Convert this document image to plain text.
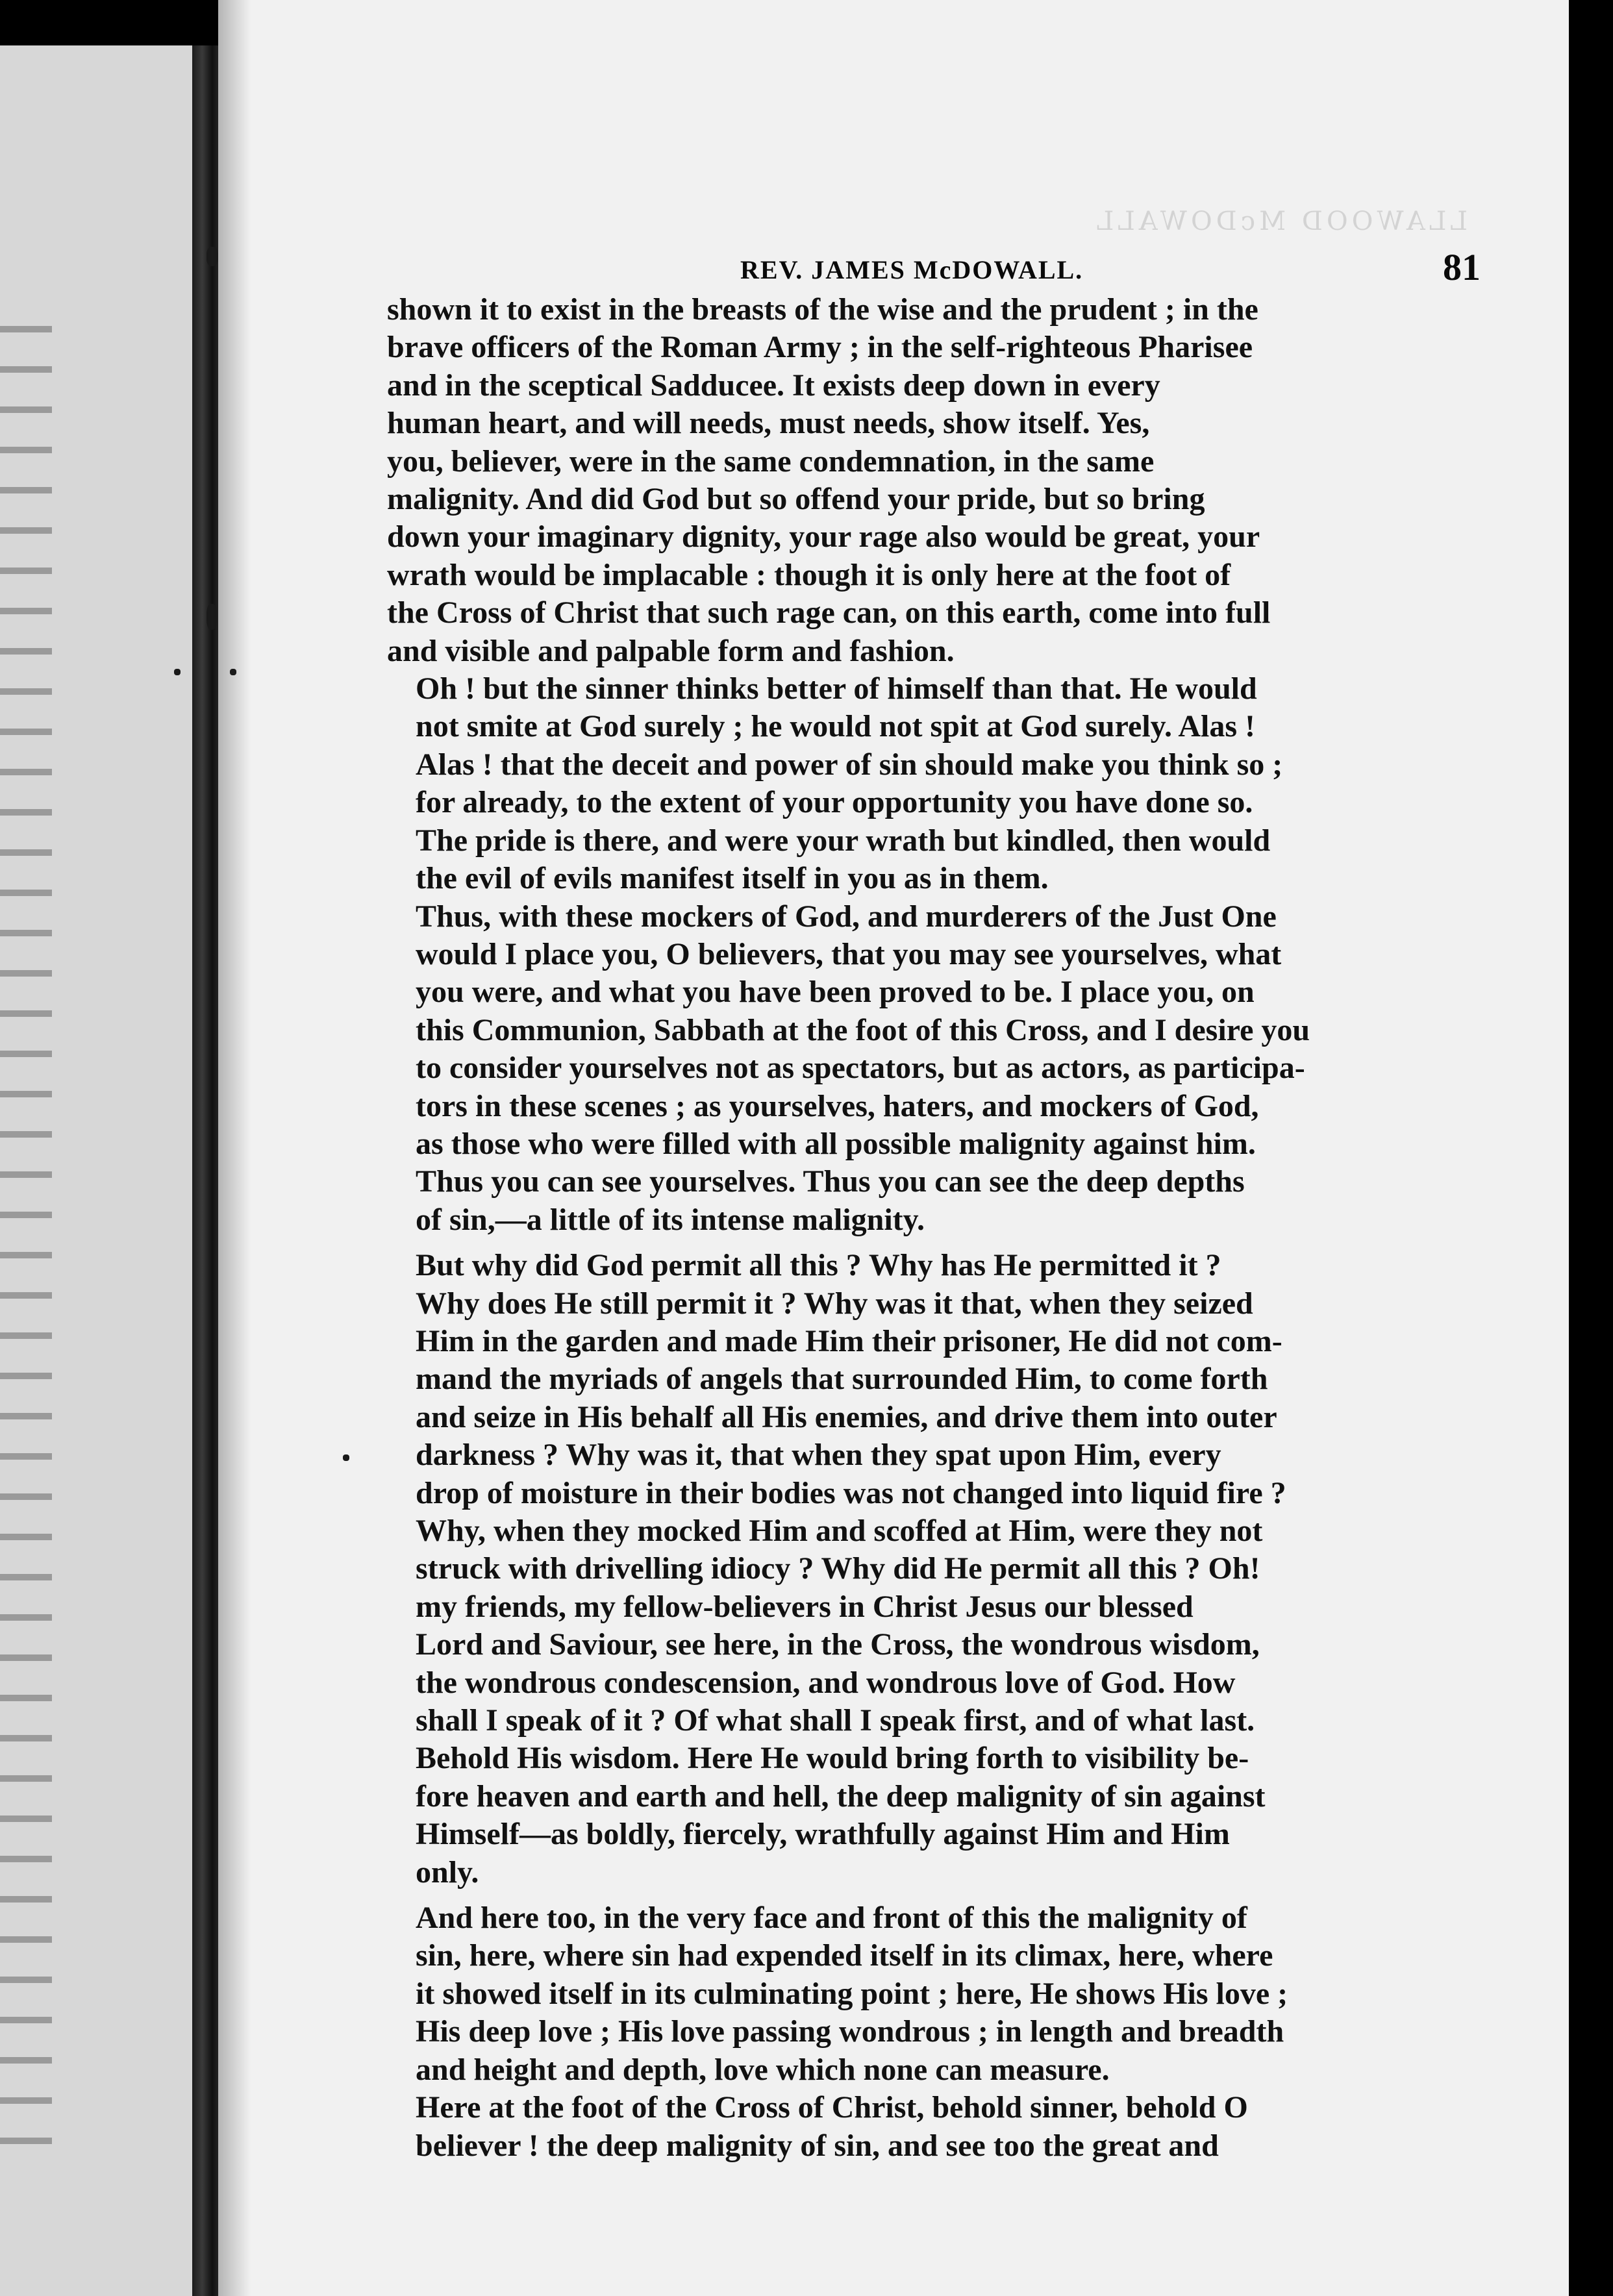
LLAWOOD McDOWALL
REV. JAMES McDOWALL.	81
shown it to exist in the breasts of the wise and the prudent ; in the
brave officers of the Roman Army ; in the self-righteous Pharisee
and in the sceptical Sadducee. It exists deep down in every
human heart, and will needs, must needs, show itself. Yes,
you, believer, were in the same condemnation, in the same
malignity. And did God but so offend your pride, but so bring
down your imaginary dignity, your rage also would be great, your
wrath would be implacable : though it is only here at the foot of
the Cross of Christ that such rage can, on this earth, come into full
and visible and palpable form and fashion.
Oh ! but the sinner thinks better of himself than that. He would
not smite at God surely ; he would not spit at God surely. Alas !
Alas ! that the deceit and power of sin should make you think so ;
for already, to the extent of your opportunity you have done so.
The pride is there, and were your wrath but kindled, then would
the evil of evils manifest itself in you as in them.
Thus, with these mockers of God, and murderers of the Just One
would I place you, O believers, that you may see yourselves, what
you were, and what you have been proved to be. I place you, on
this Communion, Sabbath at the foot of this Cross, and I desire you
to consider yourselves not as spectators, but as actors, as participa-
tors in these scenes ; as yourselves, haters, and mockers of God,
as those who were filled with all possible malignity against him.
Thus you can see yourselves. Thus you can see the deep depths
of sin,—a little of its intense malignity.
But why did God permit all this ? Why has He permitted it ?
Why does He still permit it ? Why was it that, when they seized
Him in the garden and made Him their prisoner, He did not com-
mand the myriads of angels that surrounded Him, to come forth
and seize in His behalf all His enemies, and drive them into outer
darkness ? Why was it, that when they spat upon Him, every
drop of moisture in their bodies was not changed into liquid fire ?
Why, when they mocked Him and scoffed at Him, were they not
struck with drivelling idiocy ? Why did He permit all this ? Oh!
my friends, my fellow-believers in Christ Jesus our blessed
Lord and Saviour, see here, in the Cross, the wondrous wisdom,
the wondrous condescension, and wondrous love of God. How
shall I speak of it ? Of what shall I speak first, and of what last.
Behold His wisdom. Here He would bring forth to visibility be-
fore heaven and earth and hell, the deep malignity of sin against
Himself—as boldly, fiercely, wrathfully against Him and Him
only.
And here too, in the very face and front of this the malignity of
sin, here, where sin had expended itself in its climax, here, where
it showed itself in its culminating point ; here, He shows His love ;
His deep love ; His love passing wondrous ; in length and breadth
and height and depth, love which none can measure.
Here at the foot of the Cross of Christ, behold sinner, behold O
believer ! the deep malignity of sin, and see too the great and
